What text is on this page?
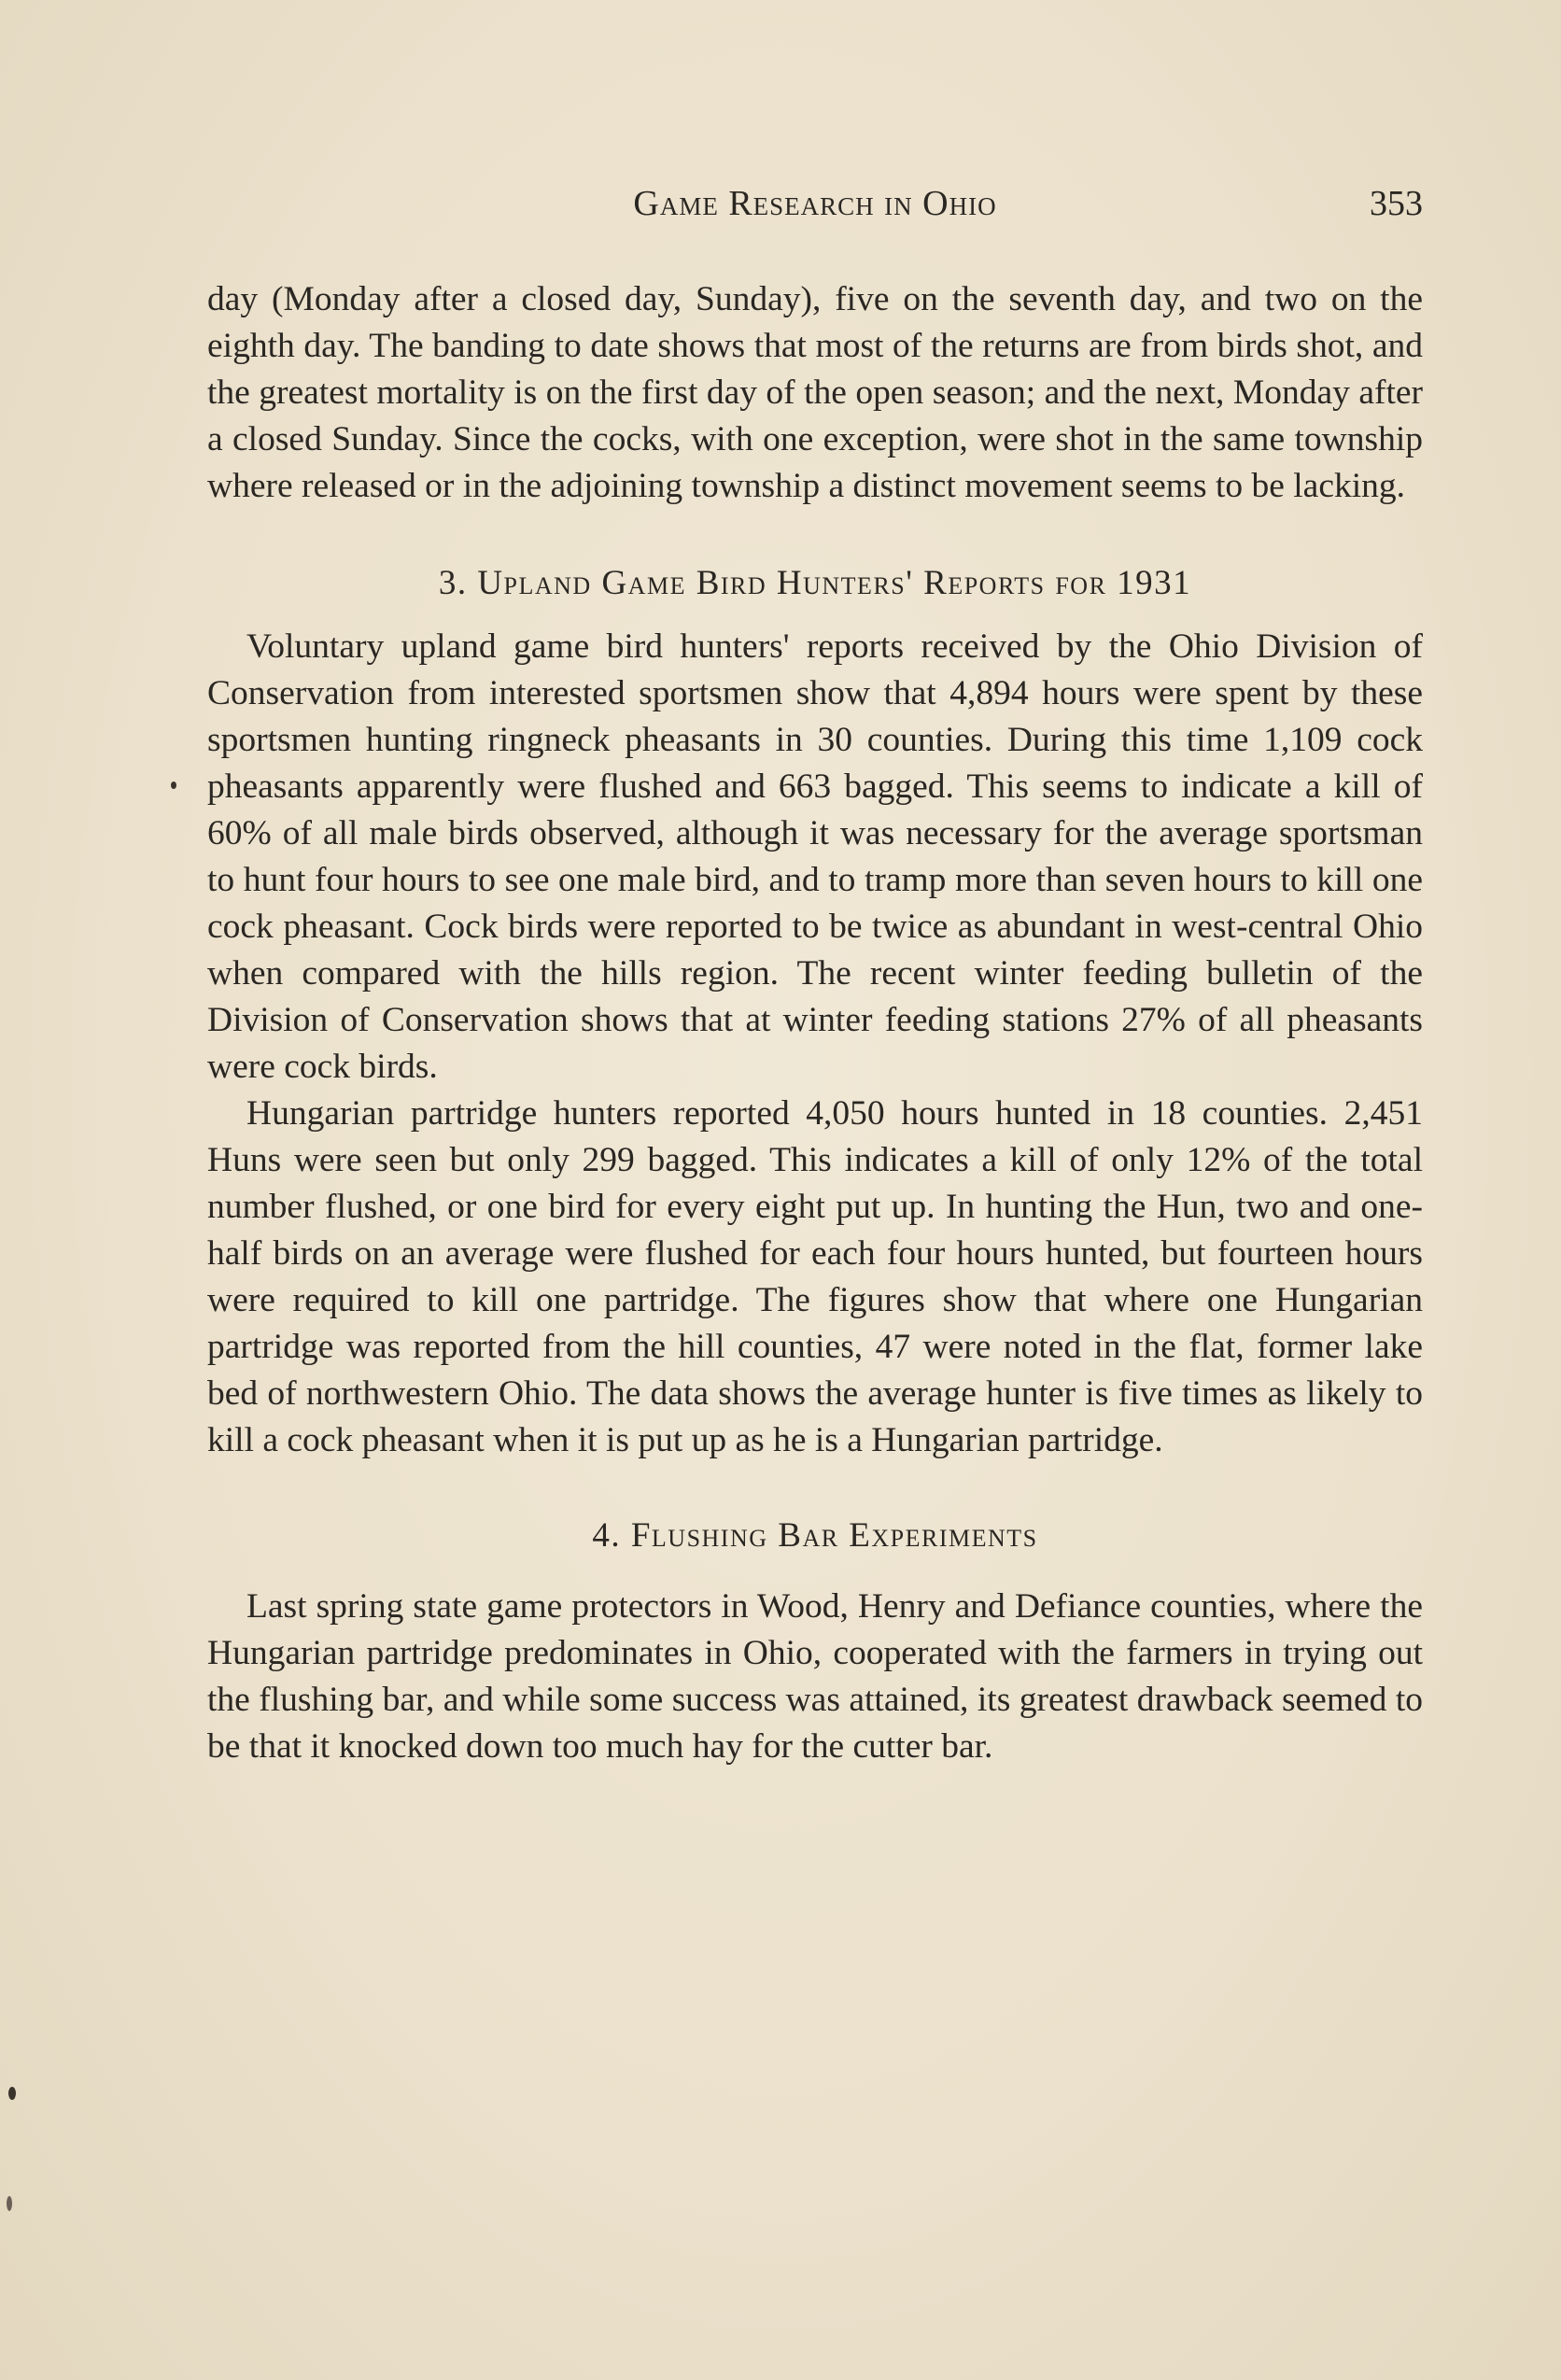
Game Research in Ohio	353

day (Monday after a closed day, Sunday), five on the seventh day, and two on the eighth day. The banding to date shows that most of the returns are from birds shot, and the greatest mortality is on the first day of the open season; and the next, Monday after a closed Sunday. Since the cocks, with one exception, were shot in the same township where released or in the adjoining township a distinct movement seems to be lacking.

3. Upland Game Bird Hunters' Reports for 1931

Voluntary upland game bird hunters' reports received by the Ohio Division of Conservation from interested sportsmen show that 4,894 hours were spent by these sportsmen hunting ringneck pheasants in 30 counties. During this time 1,109 cock pheasants apparently were flushed and 663 bagged. This seems to indicate a kill of 60% of all male birds observed, although it was necessary for the average sportsman to hunt four hours to see one male bird, and to tramp more than seven hours to kill one cock pheasant. Cock birds were reported to be twice as abundant in west-central Ohio when compared with the hills region. The recent winter feeding bulletin of the Division of Conservation shows that at winter feeding stations 27% of all pheasants were cock birds.

Hungarian partridge hunters reported 4,050 hours hunted in 18 counties. 2,451 Huns were seen but only 299 bagged. This indicates a kill of only 12% of the total number flushed, or one bird for every eight put up. In hunting the Hun, two and one-half birds on an average were flushed for each four hours hunted, but fourteen hours were required to kill one partridge. The figures show that where one Hungarian partridge was reported from the hill counties, 47 were noted in the flat, former lake bed of northwestern Ohio. The data shows the average hunter is five times as likely to kill a cock pheasant when it is put up as he is a Hungarian partridge.

4. Flushing Bar Experiments

Last spring state game protectors in Wood, Henry and Defiance counties, where the Hungarian partridge predominates in Ohio, cooperated with the farmers in trying out the flushing bar, and while some success was attained, its greatest drawback seemed to be that it knocked down too much hay for the cutter bar.
